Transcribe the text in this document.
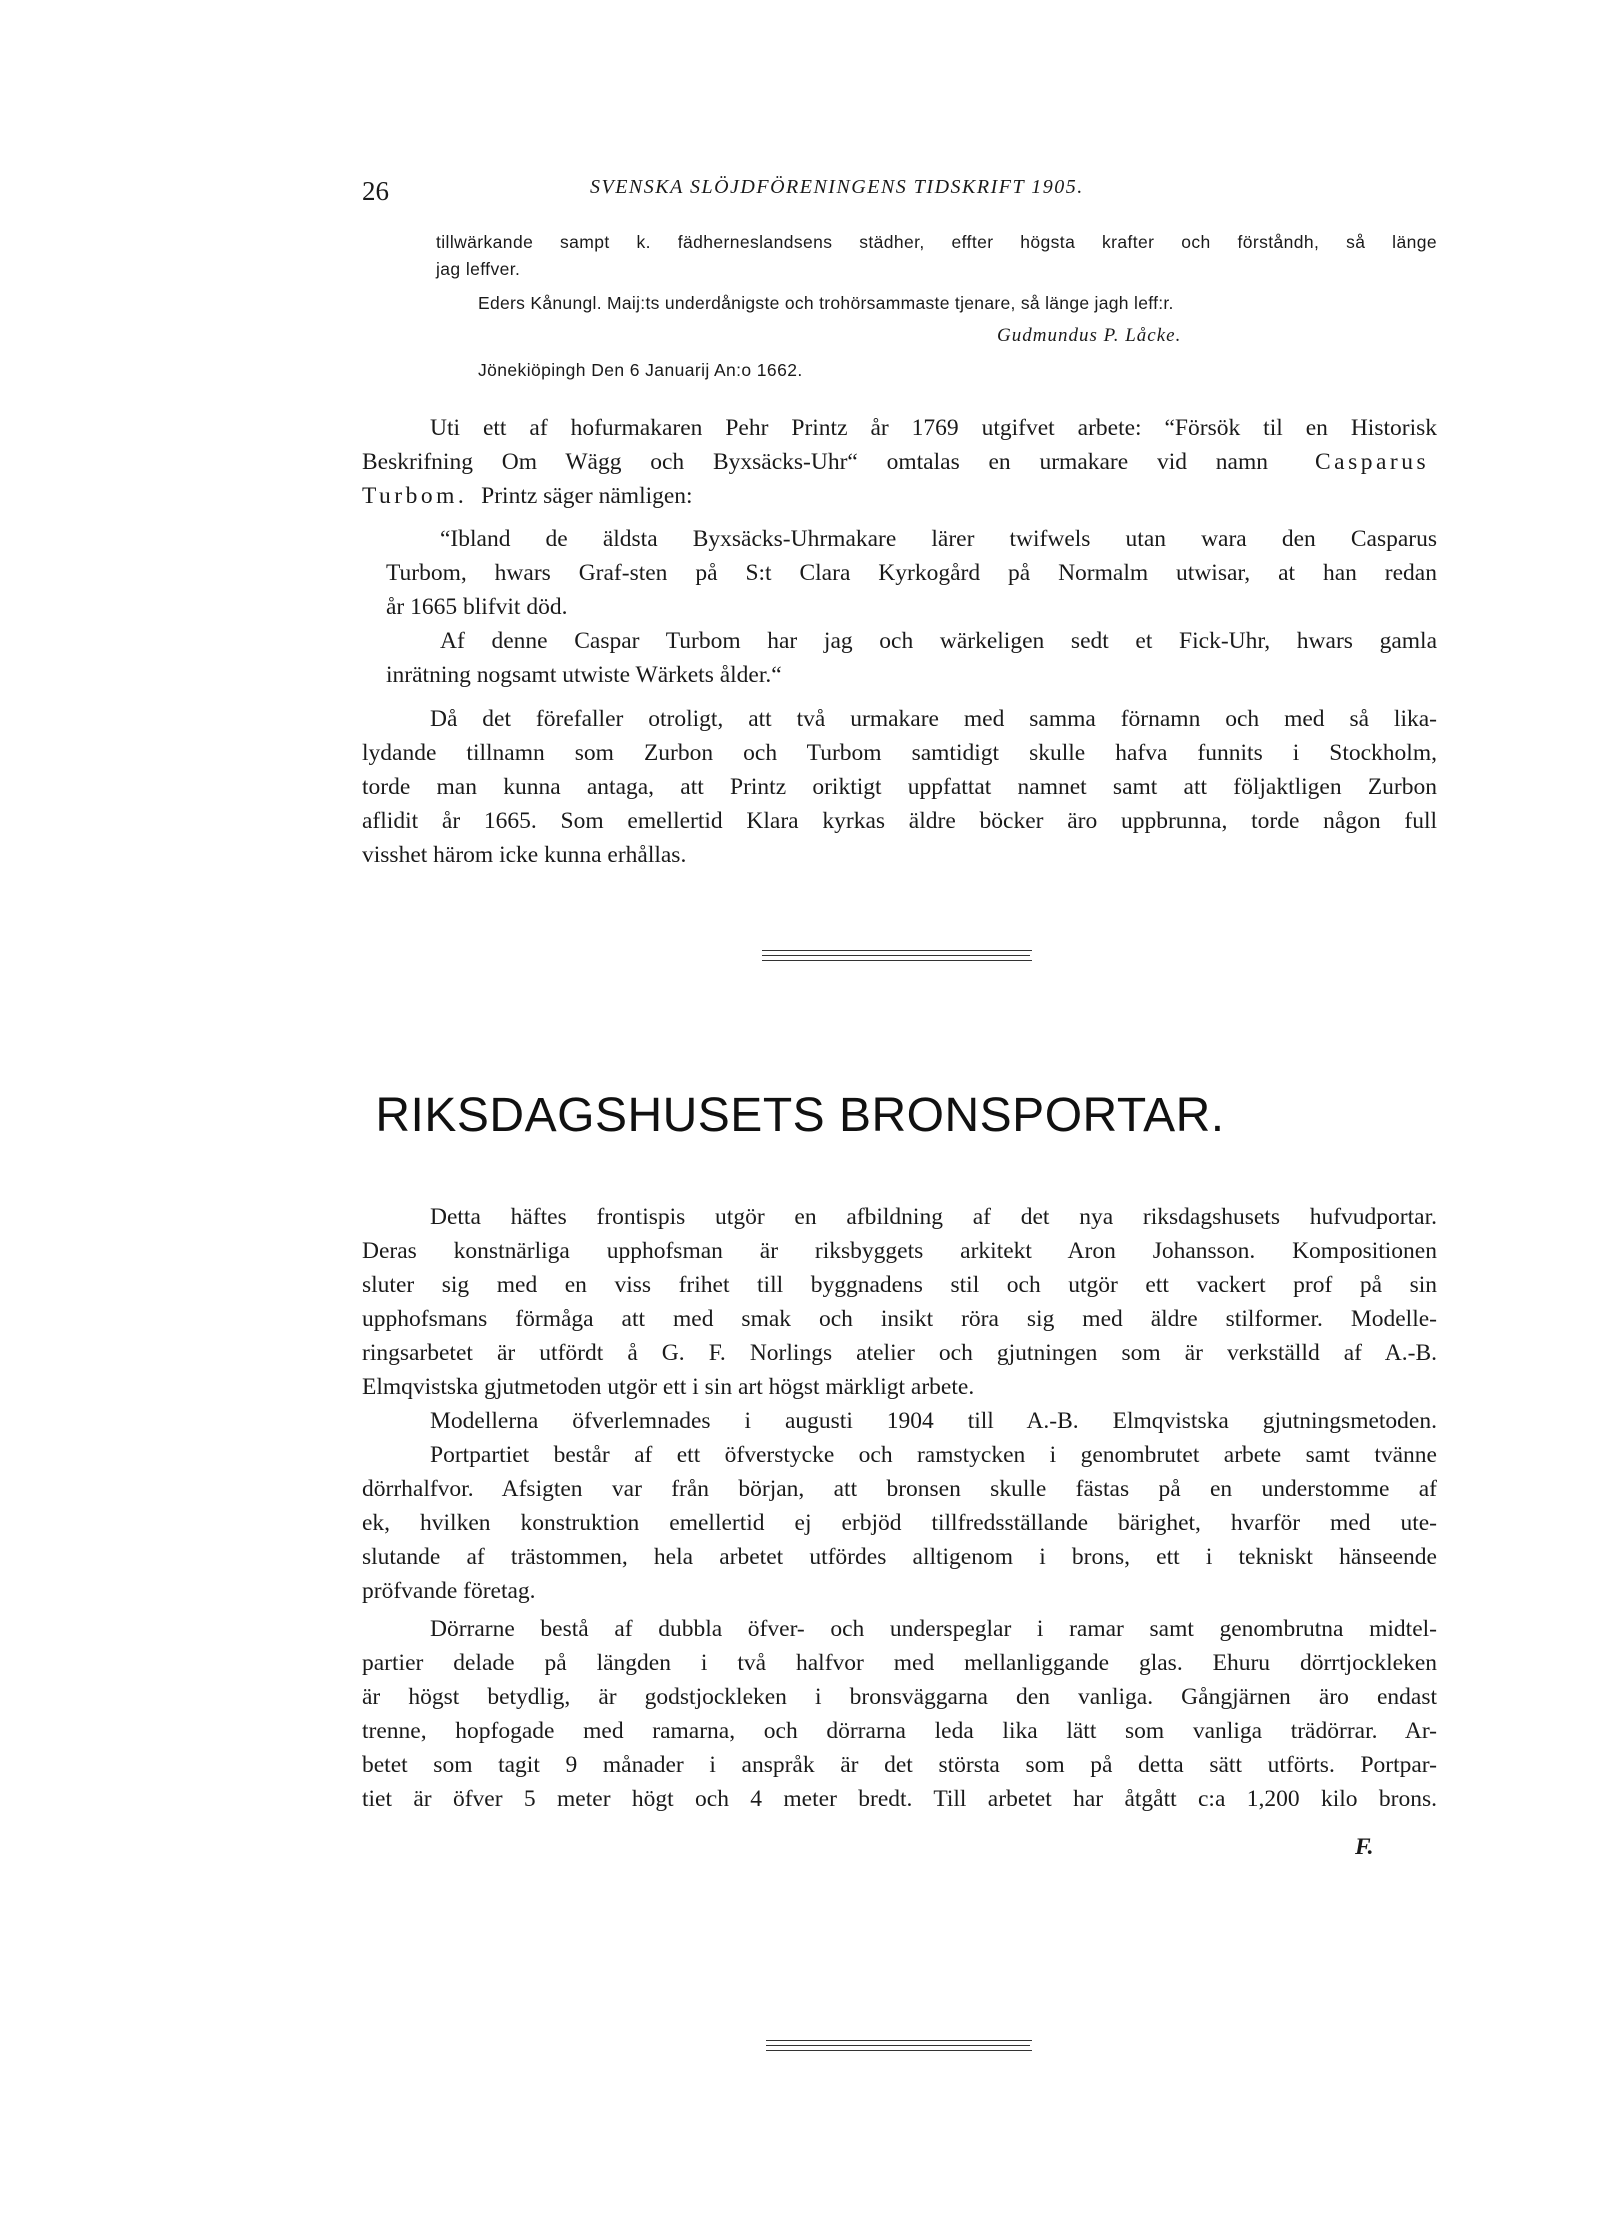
26	SVENSKA SLÖJDFÖRENINGENS TIDSKRIFT 1905.
tillwärkande sampt k. fädherneslandsens städher, effter högsta krafter och förståndh, så länge
jag leffver.
Eders Kånungl. Maij:ts underdånigste och trohörsammaste tjenare, så länge jagh leff:r.
Gudmundus P. Låcke.
Jönekiöpingh Den 6 Januarij An:o 1662.
Uti ett af hofurmakaren Pehr Printz år 1769 utgifvet arbete: “Försök til en Historisk
Beskrifning Om Wägg och Byxsäcks-Uhr“ omtalas en urmakare vid namn Casparus
Turbom. Printz säger nämligen:
“Ibland de äldsta Byxsäcks-Uhrmakare lärer twifwels utan wara den Casparus
Turbom, hwars Graf-sten på S:t Clara Kyrkogård på Normalm utwisar, at han redan
år 1665 blifvit död.
Af denne Caspar Turbom har jag och wärkeligen sedt et Fick-Uhr, hwars gamla
inrätning nogsamt utwiste Wärkets ålder.“
Då det förefaller otroligt, att två urmakare med samma förnamn och med så lika-
lydande tillnamn som Zurbon och Turbom samtidigt skulle hafva funnits i Stockholm,
torde man kunna antaga, att Printz oriktigt uppfattat namnet samt att följaktligen Zurbon
aflidit år 1665. Som emellertid Klara kyrkas äldre böcker äro uppbrunna, torde någon full
visshet härom icke kunna erhållas.
RIKSDAGSHUSETS BRONSPORTAR.
Detta häftes frontispis utgör en afbildning af det nya riksdagshusets hufvudportar.
Deras konstnärliga upphofsman är riksbyggets arkitekt Aron Johansson. Kompositionen
sluter sig med en viss frihet till byggnadens stil och utgör ett vackert prof på sin
upphofsmans förmåga att med smak och insikt röra sig med äldre stilformer. Modelle-
ringsarbetet är utfördt å G. F. Norlings atelier och gjutningen som är verkställd af A.-B.
Elmqvistska gjutmetoden utgör ett i sin art högst märkligt arbete.
Modellerna öfverlemnades i augusti 1904 till A.-B. Elmqvistska gjutningsmetoden.
Portpartiet består af ett öfverstycke och ramstycken i genombrutet arbete samt tvänne
dörrhalfvor. Afsigten var från början, att bronsen skulle fästas på en understomme af
ek, hvilken konstruktion emellertid ej erbjöd tillfredsställande bärighet, hvarför med ute-
slutande af trästommen, hela arbetet utfördes alltigenom i brons, ett i tekniskt hänseende
pröfvande företag.
Dörrarne bestå af dubbla öfver- och underspeglar i ramar samt genombrutna midtel-
partier delade på längden i två halfvor med mellanliggande glas. Ehuru dörrtjockleken
är högst betydlig, är godstjockleken i bronsväggarna den vanliga. Gångjärnen äro endast
trenne, hopfogade med ramarna, och dörrarna leda lika lätt som vanliga trädörrar. Ar-
betet som tagit 9 månader i anspråk är det största som på detta sätt utförts. Portpar-
tiet är öfver 5 meter högt och 4 meter bredt. Till arbetet har åtgått c:a 1,200 kilo brons.
F.
